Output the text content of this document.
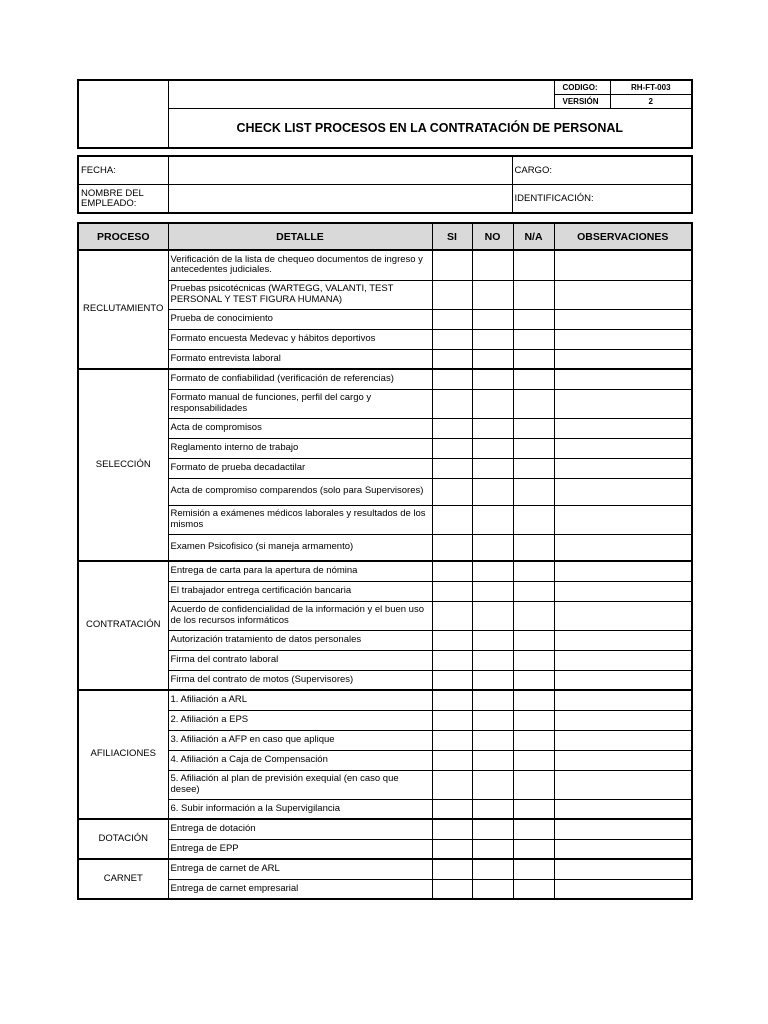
		CODIGO:	RH-FT-003
		VERSIÓN	2
	CHECK LIST PROCESOS EN LA CONTRATACIÓN DE PERSONAL		
FECHA:		CARGO:
NOMBRE DEL EMPLEADO:		IDENTIFICACIÓN:
PROCESO	DETALLE	SI	NO	N/A	OBSERVACIONES
RECLUTAMIENTO	Verificación de la lista de chequeo documentos de ingreso y antecedentes judiciales.				
	Pruebas psicotécnicas (WARTEGG, VALANTI, TEST PERSONAL Y TEST FIGURA HUMANA)				
	Prueba de conocimiento				
	Formato encuesta Medevac y hábitos deportivos				
	Formato entrevista laboral				
SELECCIÓN	Formato de confiabilidad (verificación de referencias)				
	Formato manual de funciones, perfil del cargo y responsabilidades				
	Acta de compromisos				
	Reglamento interno de trabajo				
	Formato de prueba decadactilar				
	Acta de compromiso comparendos (solo para Supervisores)				
	Remisión a exámenes médicos laborales y resultados de los mismos				
	Examen Psicofisico (si maneja armamento)				
CONTRATACIÓN	Entrega de carta para la apertura de nómina				
	El trabajador entrega certificación bancaria				
	Acuerdo de confidencialidad de la información y el buen uso de los recursos informáticos				
	Autorización tratamiento de datos personales				
	Firma del contrato laboral				
	Firma del contrato de motos (Supervisores)				
AFILIACIONES	1. Afiliación a ARL				
	2. Afiliación a EPS				
	3. Afiliación a AFP en caso que aplique				
	4. Afiliación a Caja de Compensación				
	5. Afiliación al plan de previsión exequial (en caso que desee)				
	6. Subir información a la Supervigilancia				
DOTACIÓN	Entrega de dotación				
	Entrega de EPP				
CARNET	Entrega de carnet de ARL				
	Entrega de carnet empresarial				
